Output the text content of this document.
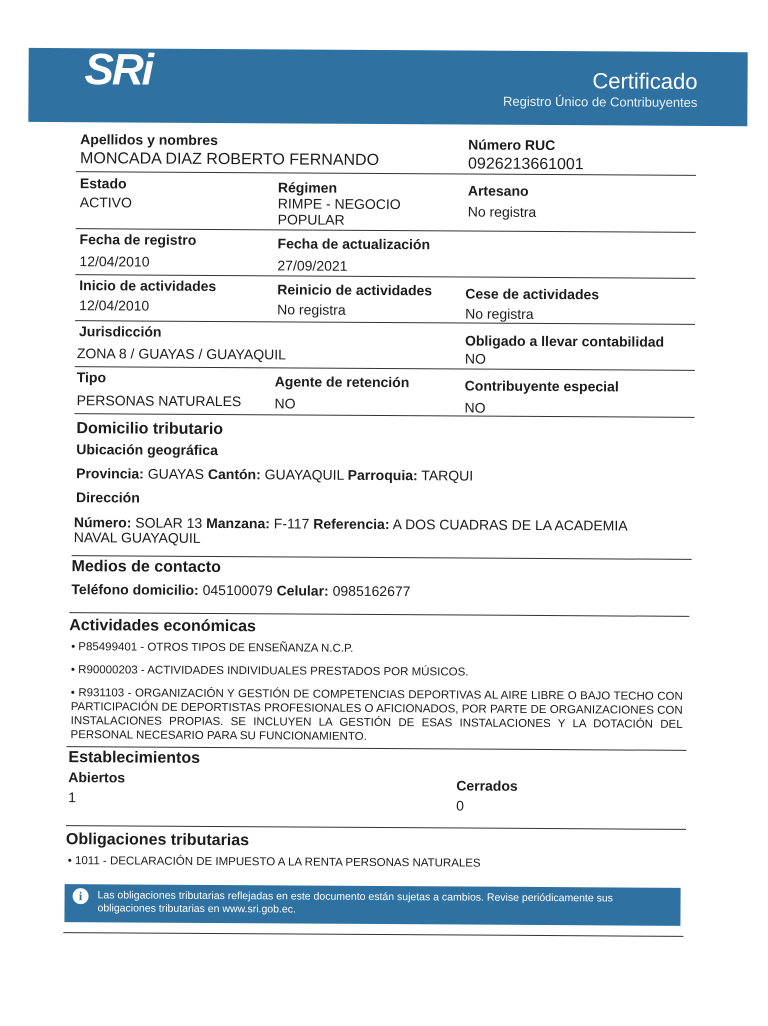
SRi	Certificado
Registro Único de Contribuyentes
Apellidos y nombres
MONCADA DIAZ ROBERTO FERNANDO
Número RUC
0926213661001
Estado
ACTIVO
Régimen
RIMPE - NEGOCIO
POPULAR
Artesano
No registra
Fecha de registro
12/04/2010
Fecha de actualización
27/09/2021
Inicio de actividades
12/04/2010
Reinicio de actividades
No registra
Cese de actividades
No registra
Jurisdicción
ZONA 8 / GUAYAS / GUAYAQUIL
Obligado a llevar contabilidad
NO
Tipo
PERSONAS NATURALES
Agente de retención
NO
Contribuyente especial
NO
Domicilio tributario
Ubicación geográfica
Provincia: GUAYAS Cantón: GUAYAQUIL Parroquia: TARQUI
Dirección
Número: SOLAR 13 Manzana: F-117 Referencia: A DOS CUADRAS DE LA ACADEMIA
NAVAL GUAYAQUIL
Medios de contacto
Teléfono domicilio: 045100079 Celular: 0985162677
Actividades económicas
• P85499401 - OTROS TIPOS DE ENSEÑANZA N.C.P.
• R90000203 - ACTIVIDADES INDIVIDUALES PRESTADOS POR MÚSICOS.
• R931103 - ORGANIZACIÓN Y GESTIÓN DE COMPETENCIAS DEPORTIVAS AL AIRE LIBRE O BAJO TECHO CON PARTICIPACIÓN DE DEPORTISTAS PROFESIONALES O AFICIONADOS, POR PARTE DE ORGANIZACIONES CON INSTALACIONES PROPIAS. SE INCLUYEN LA GESTIÓN DE ESAS INSTALACIONES Y LA DOTACIÓN DEL PERSONAL NECESARIO PARA SU FUNCIONAMIENTO.
Establecimientos
Abiertos
1
Cerrados
0
Obligaciones tributarias
• 1011 - DECLARACIÓN DE IMPUESTO A LA RENTA PERSONAS NATURALES
i	Las obligaciones tributarias reflejadas en este documento están sujetas a cambios. Revise periódicamente sus obligaciones tributarias en www.sri.gob.ec.
